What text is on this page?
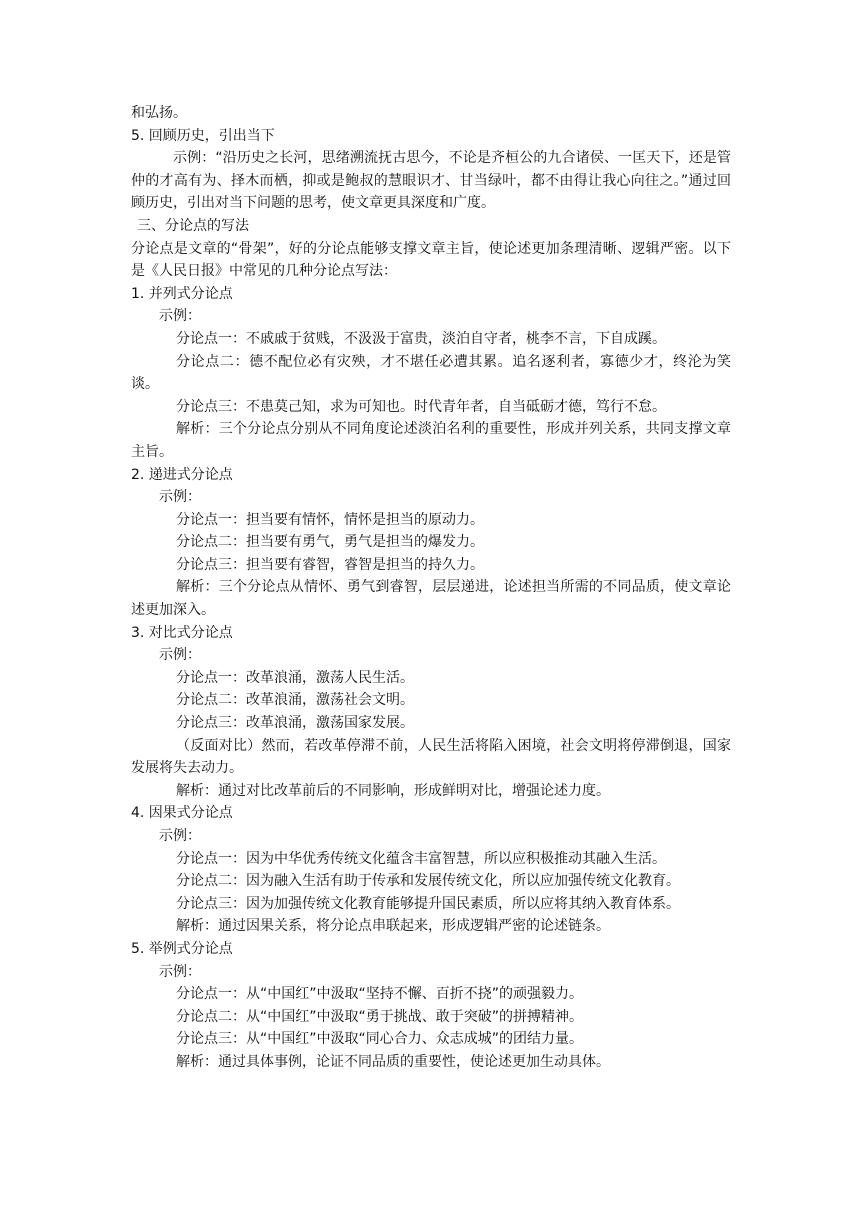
和弘扬。

5. 回顾历史，引出当下

示例：“沿历史之长河，思绪溯流抚古思今，不论是齐桓公的九合诸侯、一匡天下，还是管仲的才高有为、择木而栖，抑或是鲍叔的慧眼识才、甘当绿叶，都不由得让我心向往之。”通过回顾历史，引出对当下问题的思考，使文章更具深度和广度。

三、分论点的写法

分论点是文章的“骨架”，好的分论点能够支撑文章主旨，使论述更加条理清晰、逻辑严密。以下是《人民日报》中常见的几种分论点写法：

1. 并列式分论点

示例：

分论点一：不戚戚于贫贱，不汲汲于富贵，淡泊自守者，桃李不言，下自成蹊。

分论点二：德不配位必有灾殃，才不堪任必遭其累。追名逐利者，寡德少才，终沦为笑谈。

分论点三：不患莫己知，求为可知也。时代青年者，自当砥砺才德，笃行不怠。

解析：三个分论点分别从不同角度论述淡泊名利的重要性，形成并列关系，共同支撑文章主旨。

2. 递进式分论点

示例：

分论点一：担当要有情怀，情怀是担当的原动力。

分论点二：担当要有勇气，勇气是担当的爆发力。

分论点三：担当要有睿智，睿智是担当的持久力。

解析：三个分论点从情怀、勇气到睿智，层层递进，论述担当所需的不同品质，使文章论述更加深入。

3. 对比式分论点

示例：

分论点一：改革浪涌，激荡人民生活。

分论点二：改革浪涌，激荡社会文明。

分论点三：改革浪涌，激荡国家发展。

（反面对比）然而，若改革停滞不前，人民生活将陷入困境，社会文明将停滞倒退，国家发展将失去动力。

解析：通过对比改革前后的不同影响，形成鲜明对比，增强论述力度。

4. 因果式分论点

示例：

分论点一：因为中华优秀传统文化蕴含丰富智慧，所以应积极推动其融入生活。

分论点二：因为融入生活有助于传承和发展传统文化，所以应加强传统文化教育。

分论点三：因为加强传统文化教育能够提升国民素质，所以应将其纳入教育体系。

解析：通过因果关系，将分论点串联起来，形成逻辑严密的论述链条。

5. 举例式分论点

示例：

分论点一：从“中国红”中汲取“坚持不懈、百折不挠”的顽强毅力。

分论点二：从“中国红”中汲取“勇于挑战、敢于突破”的拼搏精神。

分论点三：从“中国红”中汲取“同心合力、众志成城”的团结力量。

解析：通过具体事例，论证不同品质的重要性，使论述更加生动具体。
